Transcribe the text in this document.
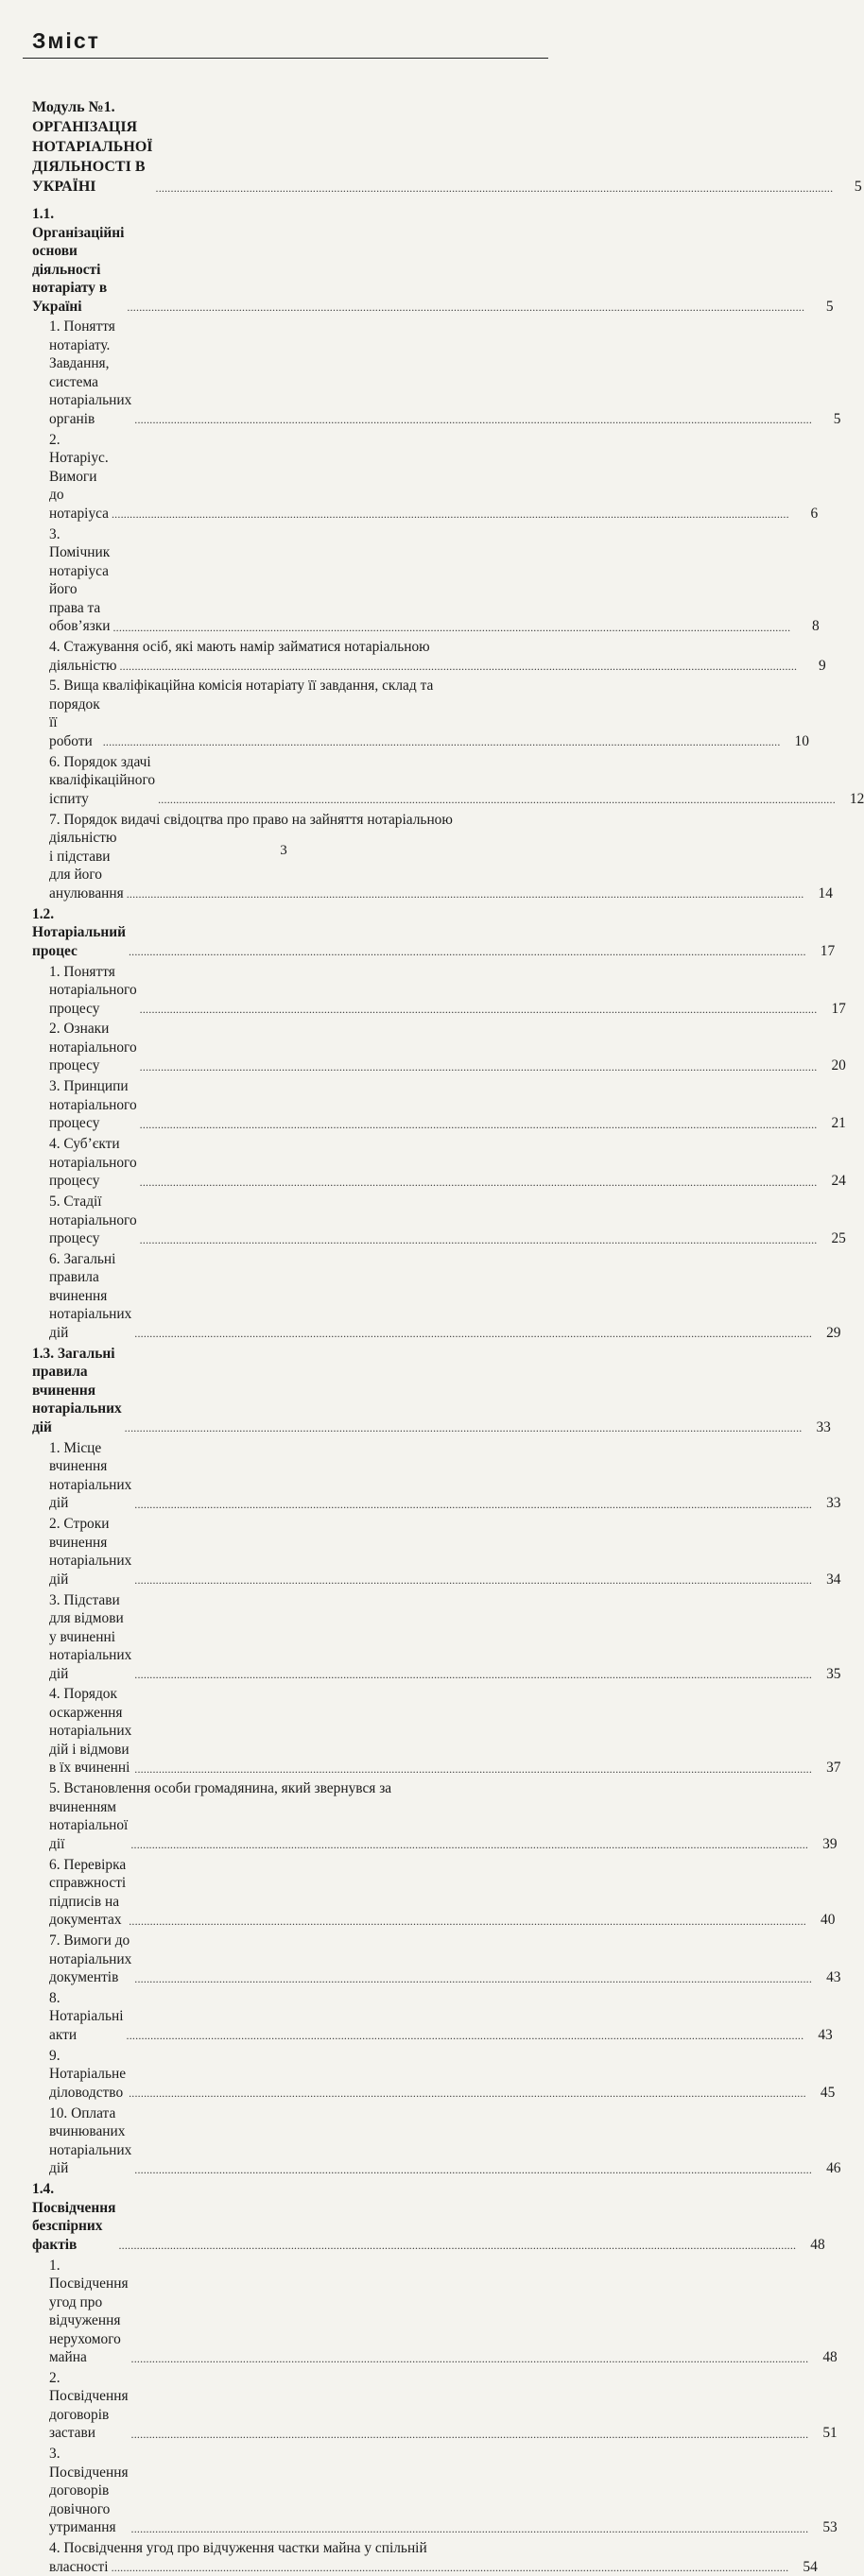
Зміст
Модуль №1. ОРГАНІЗАЦІЯ НОТАРІАЛЬНОЇ ДІЯЛЬНОСТІ В УКРАЇНІ . . .	5
1.1. Організаційні основи діяльності нотаріату в Україні . . .	5
1. Поняття нотаріату. Завдання, система нотаріальних органів . . .	5
2. Нотаріус. Вимоги до нотаріуса . . .	6
3. Помічник нотаріуса його права та обов’язки . . .	8
4. Стажування осіб, які мають намір займатися нотаріальною
діяльністю . . .	9
5. Вища кваліфікаційна комісія нотаріату її завдання, склад та
порядок її роботи . . .	10
6. Порядок здачі кваліфікаційного іспиту . . .	12
7. Порядок видачі свідоцтва про право на зайняття нотаріальною
діяльністю і підстави для його анулювання . . .	14
1.2. Нотаріальний процес . . .	17
1. Поняття нотаріального процесу . . .	17
2. Ознаки нотаріального процесу . . .	20
3. Принципи нотаріального процесу . . .	21
4. Суб’єкти нотаріального процесу . . .	24
5. Стадії нотаріального процесу . . .	25
6. Загальні правила вчинення нотаріальних дій . . .	29
1.3. Загальні правила вчинення нотаріальних дій . . .	33
1. Місце вчинення нотаріальних дій . . .	33
2. Строки вчинення нотаріальних дій . . .	34
3. Підстави для відмови у вчиненні нотаріальних дій . . .	35
4. Порядок оскарження нотаріальних дій і відмови в їх вчиненні . . .	37
5. Встановлення особи громадянина, який звернувся за
вчиненням нотаріальної дії . . .	39
6. Перевірка справжності підписів на документах . . .	40
7. Вимоги до нотаріальних документів . . .	43
8. Нотаріальні акти . . .	43
9. Нотаріальне діловодство . . .	45
10. Оплата вчинюваних нотаріальних дій . . .	46
1.4. Посвідчення безспірних фактів . . .	48
1. Посвідчення угод про відчуження нерухомого майна . . .	48
2. Посвідчення договорів застави . . .	51
3. Посвідчення договорів довічного утримання . . .	53
4. Посвідчення угод про відчуження частки майна у спільній
власності . . .	54
3
